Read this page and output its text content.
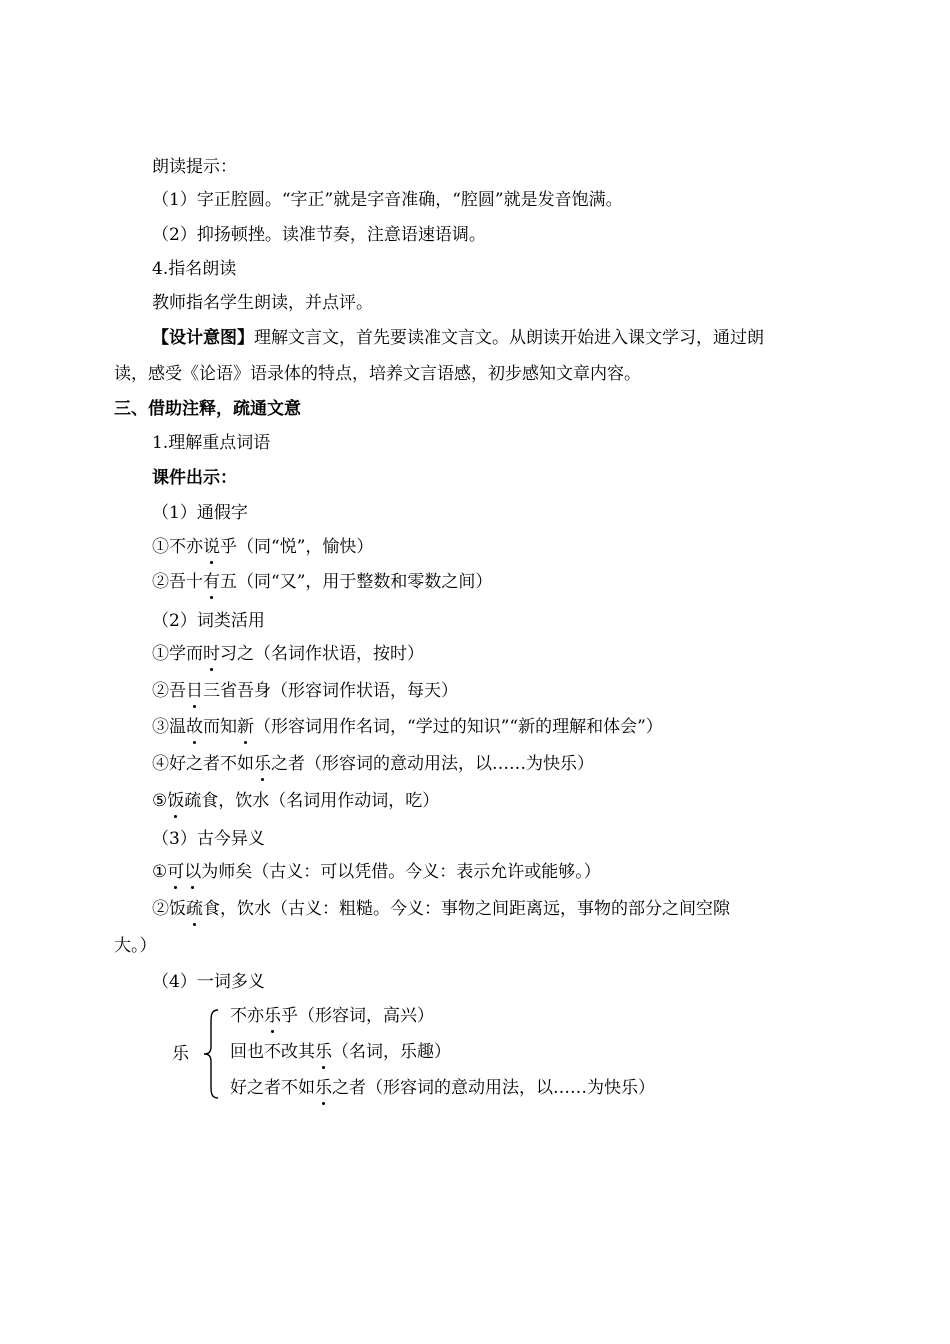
朗读提示：
（1）字正腔圆。“字正”就是字音准确，“腔圆”就是发音饱满。
（2）抑扬顿挫。读准节奏，注意语速语调。
4.指名朗读
教师指名学生朗读，并点评。
【设计意图】理解文言文，首先要读准文言文。从朗读开始进入课文学习，通过朗
读，感受《论语》语录体的特点，培养文言语感，初步感知文章内容。
三、借助注释，疏通文意
1.理解重点词语
课件出示：
（1）通假字
①不亦说乎（同“悦”，愉快）
②吾十有五（同“又”，用于整数和零数之间）
（2）词类活用
①学而时习之（名词作状语，按时）
②吾日三省吾身（形容词作状语，每天）
③温故而知新（形容词用作名词，“学过的知识”“新的理解和体会”）
④好之者不如乐之者（形容词的意动用法，以……为快乐）
⑤饭疏食，饮水（名词用作动词，吃）
（3）古今异义
①可以为师矣（古义：可以凭借。今义：表示允许或能够。）
②饭疏食，饮水（古义：粗糙。今义：事物之间距离远，事物的部分之间空隙
大。）
（4）一词多义
乐
不亦乐乎（形容词，高兴）
回也不改其乐（名词，乐趣）
好之者不如乐之者（形容词的意动用法，以……为快乐）
